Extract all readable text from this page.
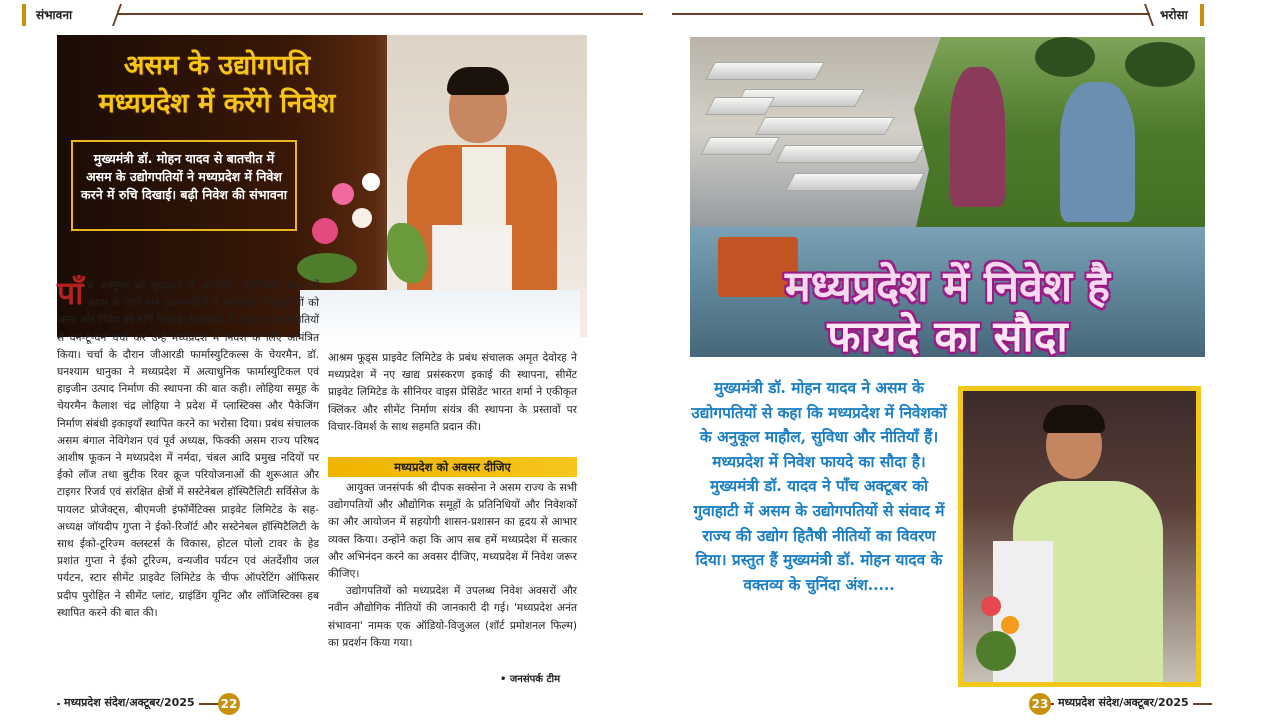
संभावना	भरोसा
असम के उद्योगपति
मध्यप्रदेश में करेंगे निवेश
मुख्यमंत्री डॉ. मोहन यादव से बातचीत में असम के उद्योगपतियों ने मध्यप्रदेश में निवेश करने में रुचि दिखाई। बढ़ी निवेश की संभावना
पाँच अक्टूबर को गुवाहाटी में आयोजित इन्टरैक्टिव सेशन में असम के जाने माने उद्योगपतियों ने मध्यप्रदेश की खूबियों को जाना और निवेश की रुचि दिखाई। मुख्यमंत्री डॉ. यादव ने उद्योगपतियों से वन-टू-वन चर्चा कर उन्हें मध्यप्रदेश में निवेश के लिए आमंत्रित किया। चर्चा के दौरान जीआरडी फार्मास्युटिकल्स के चेयरमैन, डॉ. घनश्याम धानुका ने मध्यप्रदेश में अत्याधुनिक फार्मास्युटिकल एवं हाइजीन उत्पाद निर्माण की स्थापना की बात कही। लोहिया समूह के चेयरमैन कैलाश चंद्र लोहिया ने प्रदेश में प्लास्टिक्स और पैकेजिंग निर्माण संबंधी इकाइयाँ स्थापित करने का भरोसा दिया। प्रबंध संचालक असम बंगाल नेविगेशन एवं पूर्व अध्यक्ष, फिक्की असम राज्य परिषद आशीष फूकन ने मध्यप्रदेश में नर्मदा, चंबल आदि प्रमुख नदियों पर ईको लॉज तथा बुटीक रिवर क्रूज परियोजनाओं की शुरूआत और टाइगर रिजर्व एवं संरक्षित क्षेत्रों में सस्टेनेबल हॉस्पिटैलिटी सर्विसेज के पायलट प्रोजेक्ट्स, बीएमजी इंफॉर्मेटिक्स प्राइवेट लिमिटेड के सह-अध्यक्ष जॉयदीप गुप्ता ने ईको-रिजॉर्ट और सस्टेनेबल हॉस्पिटैलिटी के साथ ईको-टूरिज्म क्लस्टर्स के विकास, होटल पोलो टावर के हेड प्रशांत गुप्ता ने ईको टूरिज्म, वन्यजीव पर्यटन एवं अंतर्देशीय जल पर्यटन, स्टार सीमेंट प्राइवेट लिमिटेड के चीफ ऑपरेटिंग ऑफिसर प्रदीप पुरोहित ने सीमेंट प्लांट, ग्राइंडिंग यूनिट और लॉजिस्टिक्स हब स्थापित करने की बात की।
आश्रम फूड्स प्राइवेट लिमिटेड के प्रबंध संचालक अमृत देवोरह ने मध्यप्रदेश में नए खाद्य प्रसंस्करण इकाई की स्थापना, सीमेंट प्राइवेट लिमिटेड के सीनियर वाइस प्रेसिडेंट भारत शर्मा ने एकीकृत क्लिंकर और सीमेंट निर्माण संयंत्र की स्थापना के प्रस्तावों पर विचार-विमर्श के साथ सहमति प्रदान की।
मध्यप्रदेश को अवसर दीजिए

आयुक्त जनसंपर्क श्री दीपक सक्सेना ने असम राज्य के सभी उद्योगपतियों और औद्योगिक समूहों के प्रतिनिधियों और निवेशकों का और आयोजन में सहयोगी शासन-प्रशासन का हृदय से आभार व्यक्त किया। उन्होंने कहा कि आप सब हमें मध्यप्रदेश में सत्कार और अभिनंदन करने का अवसर दीजिए, मध्यप्रदेश में निवेश जरूर कीजिए।

उद्योगपतियों को मध्यप्रदेश में उपलब्ध निवेश अवसरों और नवीन औद्योगिक नीतियों की जानकारी दी गई। 'मध्यप्रदेश अनंत संभावना' नामक एक ऑडियो-विजुअल (शॉर्ट प्रमोशनल फिल्म) का प्रदर्शन किया गया।

• जनसंपर्क टीम
मध्यप्रदेश संदेश/अक्टूबर/2025	22
मध्यप्रदेश में निवेश है
फायदे का सौदा
मुख्यमंत्री डॉ. मोहन यादव ने असम के उद्योगपतियों से कहा कि मध्यप्रदेश में निवेशकों के अनुकूल माहौल, सुविधा और नीतियाँ हैं। मध्यप्रदेश में निवेश फायदे का सौदा है। मुख्यमंत्री डॉ. यादव ने पाँच अक्टूबर को गुवाहाटी में असम के उद्योगपतियों से संवाद में राज्य की उद्योग हितैषी नीतियों का विवरण दिया। प्रस्तुत हैं मुख्यमंत्री डॉ. मोहन यादव के वक्तव्य के चुनिंदा अंश.....
23 मध्यप्रदेश संदेश/अक्टूबर/2025
